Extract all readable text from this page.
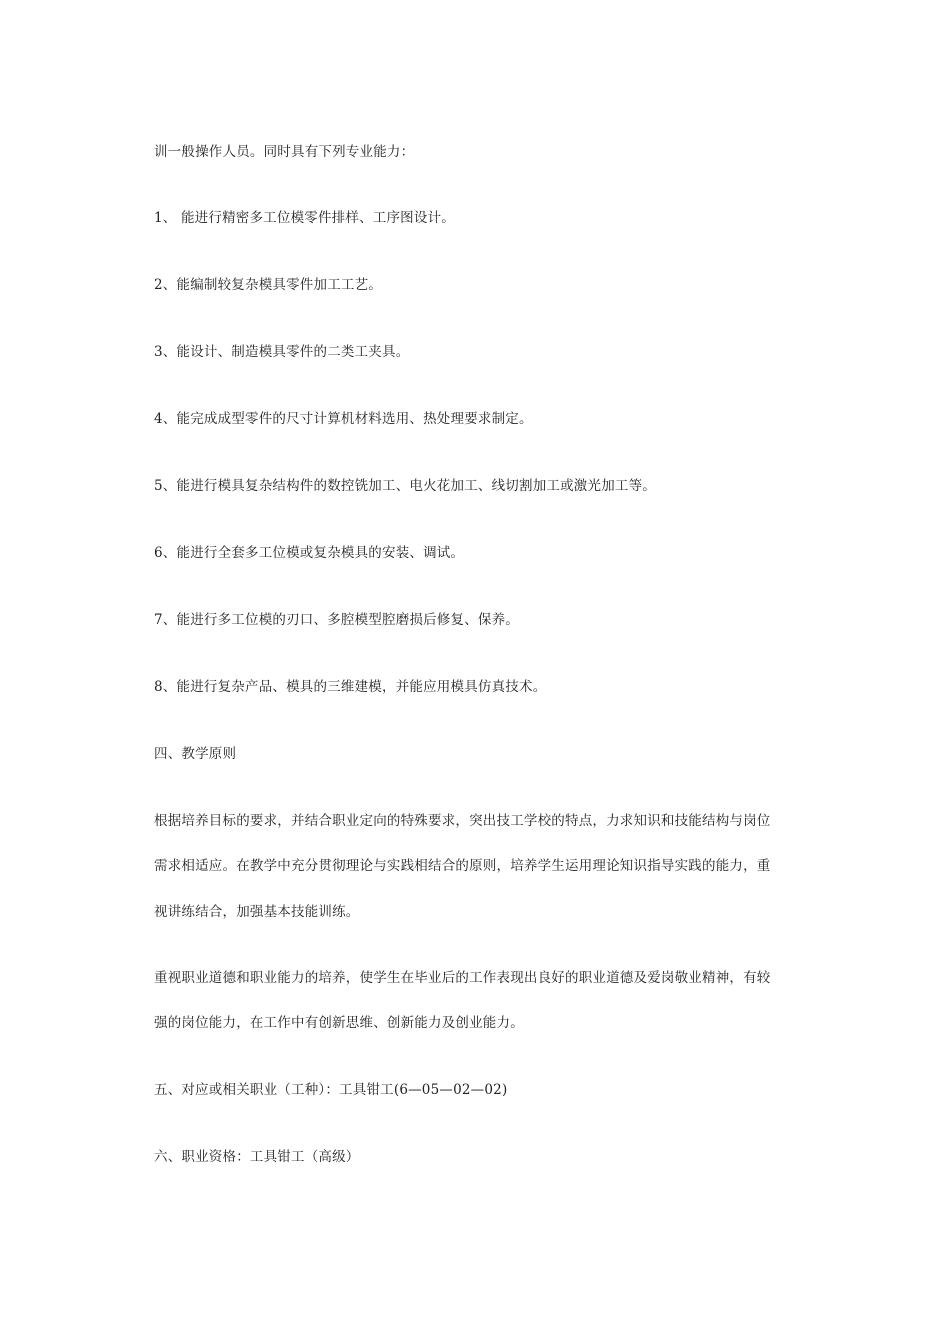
训一般操作人员。同时具有下列专业能力：
1、 能进行精密多工位模零件排样、工序图设计。
2、能编制较复杂模具零件加工工艺。
3、能设计、制造模具零件的二类工夹具。
4、能完成成型零件的尺寸计算机材料选用、热处理要求制定。
5、能进行模具复杂结构件的数控铣加工、电火花加工、线切割加工或激光加工等。
6、能进行全套多工位模或复杂模具的安装、调试。
7、能进行多工位模的刃口、多腔模型腔磨损后修复、保养。
8、能进行复杂产品、模具的三维建模，并能应用模具仿真技术。
四、教学原则
根据培养目标的要求，并结合职业定向的特殊要求，突出技工学校的特点，力求知识和技能结构与岗位
需求相适应。在教学中充分贯彻理论与实践相结合的原则，培养学生运用理论知识指导实践的能力，重
视讲练结合，加强基本技能训练。
重视职业道德和职业能力的培养，使学生在毕业后的工作表现出良好的职业道德及爱岗敬业精神，有较
强的岗位能力，在工作中有创新思维、创新能力及创业能力。
五、对应或相关职业（工种）：工具钳工(6—05—02—02)
六、职业资格：工具钳工（高级）
